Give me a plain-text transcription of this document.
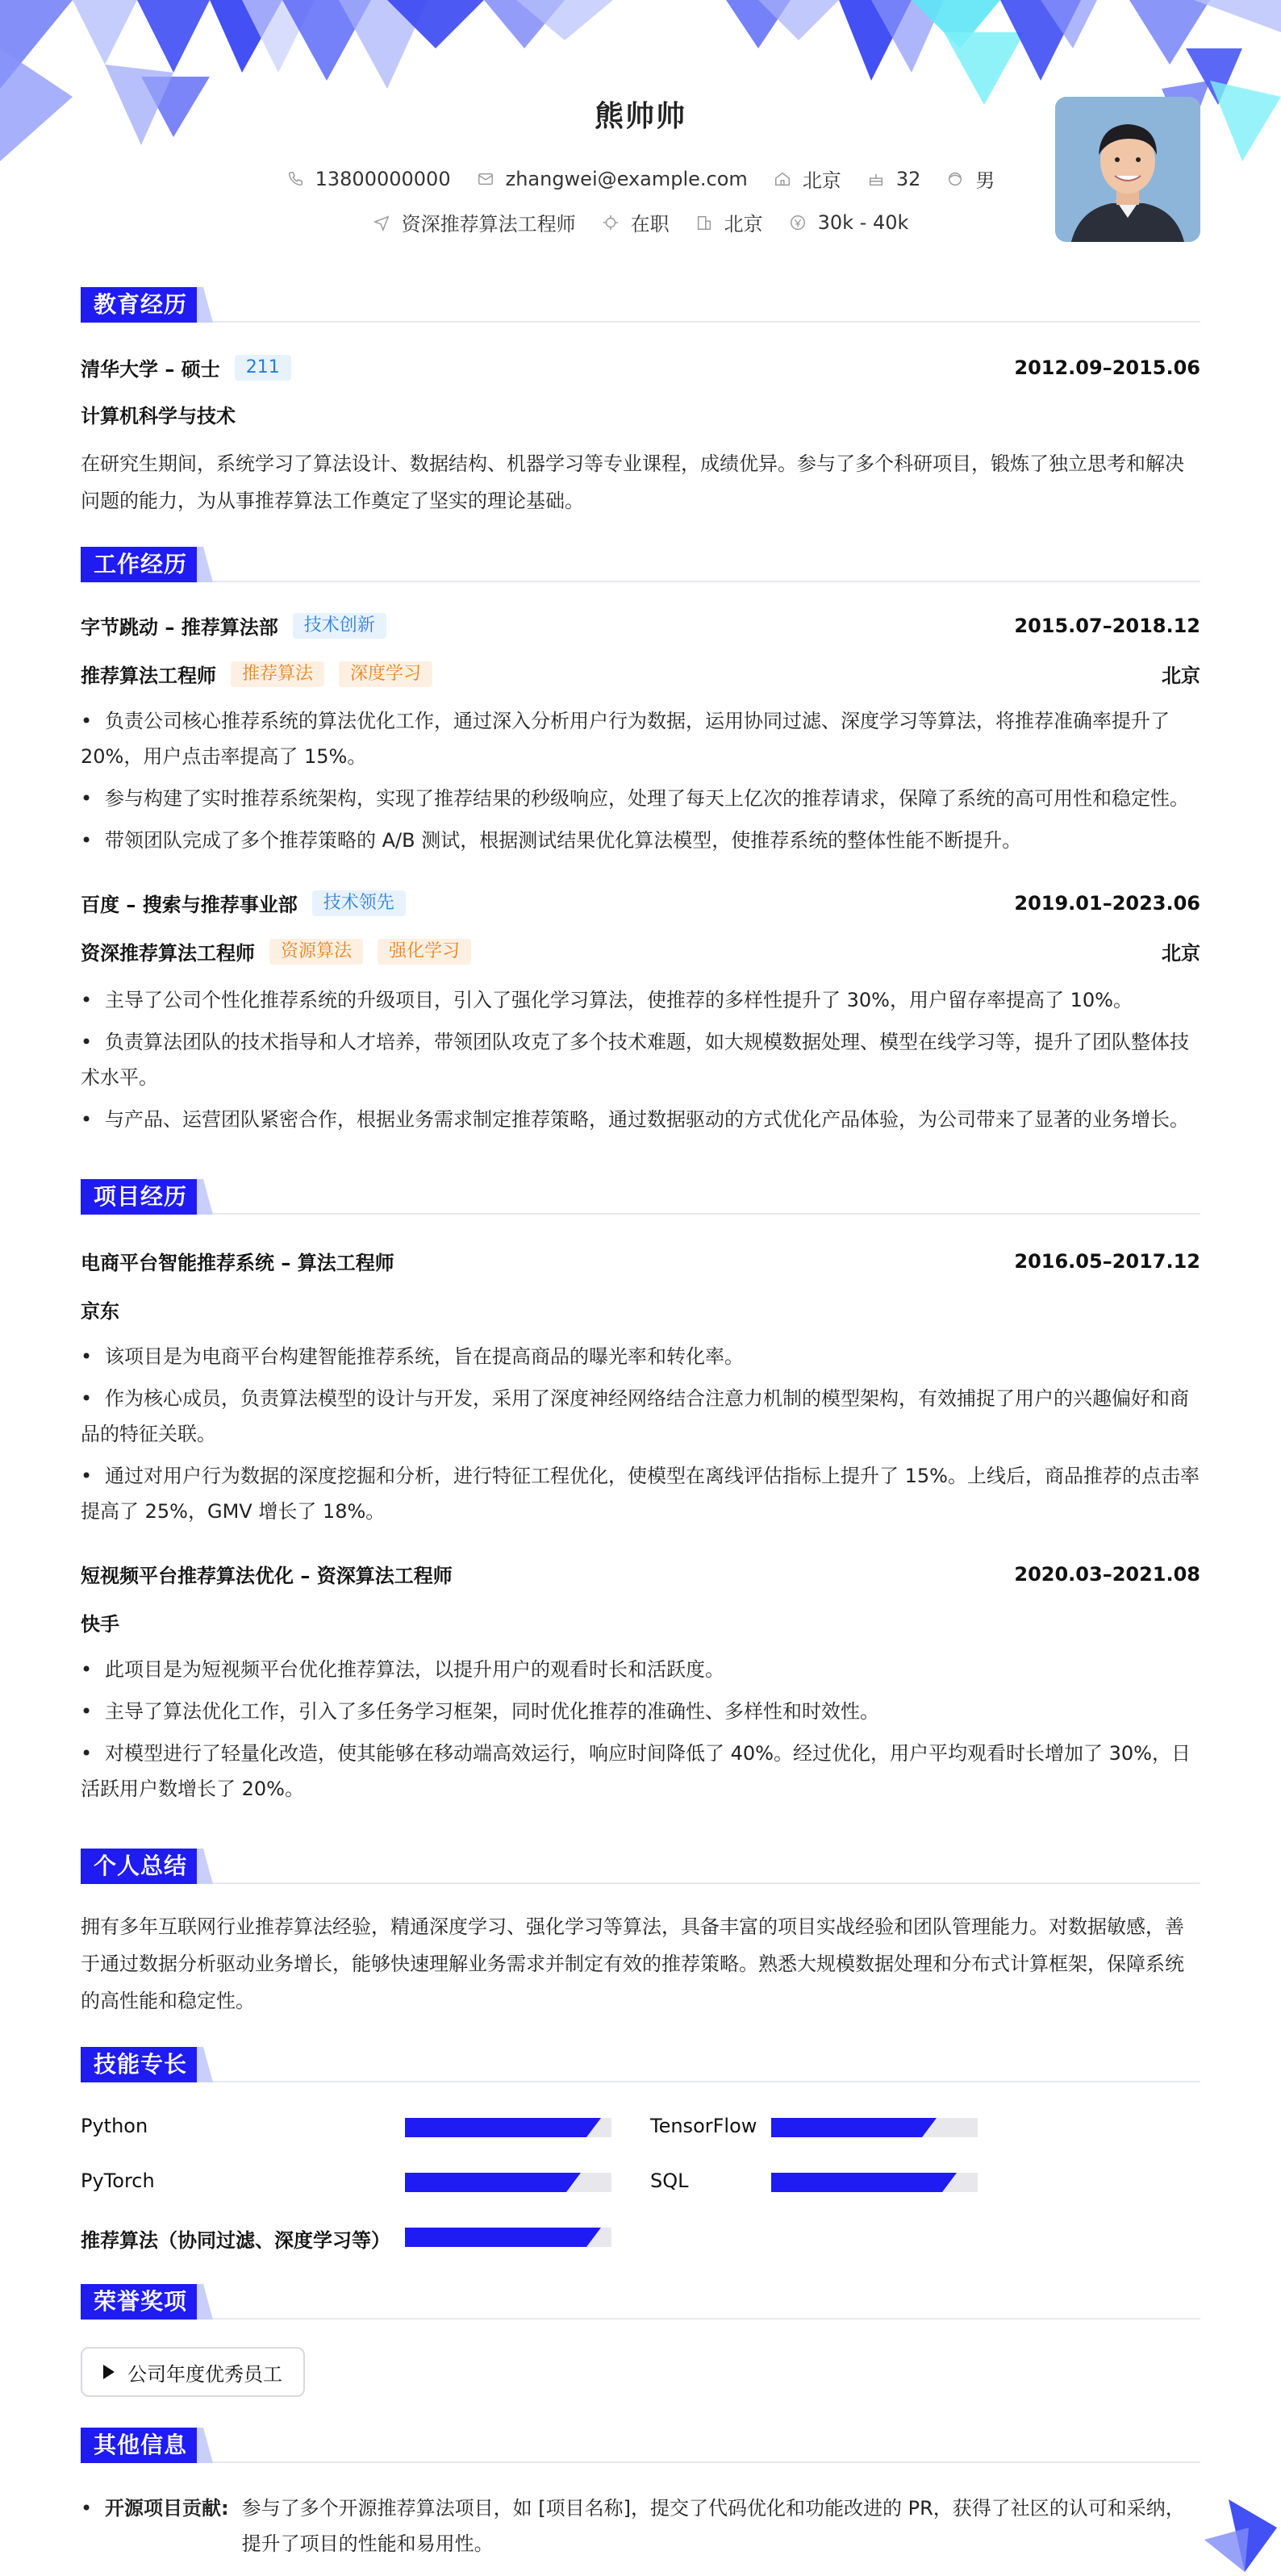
熊帅帅
13800000000	zhangwei@example.com	北京	32	男
资深推荐算法工程师	在职	北京	30k - 40k
教育经历
清华大学 – 硕士	211	2012.09–2015.06
计算机科学与技术
在研究生期间，系统学习了算法设计、数据结构、机器学习等专业课程，成绩优异。参与了多个科研项目，锻炼了独立思考和解决问题的能力，为从事推荐算法工作奠定了坚实的理论基础。
工作经历
字节跳动 – 推荐算法部	技术创新	2015.07–2018.12
推荐算法工程师	推荐算法	深度学习	北京
• 负责公司核心推荐系统的算法优化工作，通过深入分析用户行为数据，运用协同过滤、深度学习等算法，将推荐准确率提升了 20%，用户点击率提高了 15%。
• 参与构建了实时推荐系统架构，实现了推荐结果的秒级响应，处理了每天上亿次的推荐请求，保障了系统的高可用性和稳定性。
• 带领团队完成了多个推荐策略的 A/B 测试，根据测试结果优化算法模型，使推荐系统的整体性能不断提升。
百度 – 搜索与推荐事业部	技术领先	2019.01–2023.06
资深推荐算法工程师	资源算法	强化学习	北京
• 主导了公司个性化推荐系统的升级项目，引入了强化学习算法，使推荐的多样性提升了 30%，用户留存率提高了 10%。
• 负责算法团队的技术指导和人才培养，带领团队攻克了多个技术难题，如大规模数据处理、模型在线学习等，提升了团队整体技术水平。
• 与产品、运营团队紧密合作，根据业务需求制定推荐策略，通过数据驱动的方式优化产品体验，为公司带来了显著的业务增长。
项目经历
电商平台智能推荐系统 – 算法工程师	2016.05–2017.12
京东
• 该项目是为电商平台构建智能推荐系统，旨在提高商品的曝光率和转化率。
• 作为核心成员，负责算法模型的设计与开发，采用了深度神经网络结合注意力机制的模型架构，有效捕捉了用户的兴趣偏好和商品的特征关联。
• 通过对用户行为数据的深度挖掘和分析，进行特征工程优化，使模型在离线评估指标上提升了 15%。上线后，商品推荐的点击率提高了 25%，GMV 增长了 18%。
短视频平台推荐算法优化 – 资深算法工程师	2020.03–2021.08
快手
• 此项目是为短视频平台优化推荐算法，以提升用户的观看时长和活跃度。
• 主导了算法优化工作，引入了多任务学习框架，同时优化推荐的准确性、多样性和时效性。
• 对模型进行了轻量化改造，使其能够在移动端高效运行，响应时间降低了 40%。经过优化，用户平均观看时长增加了 30%，日活跃用户数增长了 20%。
个人总结
拥有多年互联网行业推荐算法经验，精通深度学习、强化学习等算法，具备丰富的项目实战经验和团队管理能力。对数据敏感，善于通过数据分析驱动业务增长，能够快速理解业务需求并制定有效的推荐策略。熟悉大规模数据处理和分布式计算框架，保障系统的高性能和稳定性。
技能专长
Python	TensorFlow
PyTorch	SQL
推荐算法（协同过滤、深度学习等）
荣誉奖项
公司年度优秀员工
其他信息
• 开源项目贡献: 参与了多个开源推荐算法项目，如 [项目名称]，提交了代码优化和功能改进的 PR，获得了社区的认可和采纳，提升了项目的性能和易用性。
